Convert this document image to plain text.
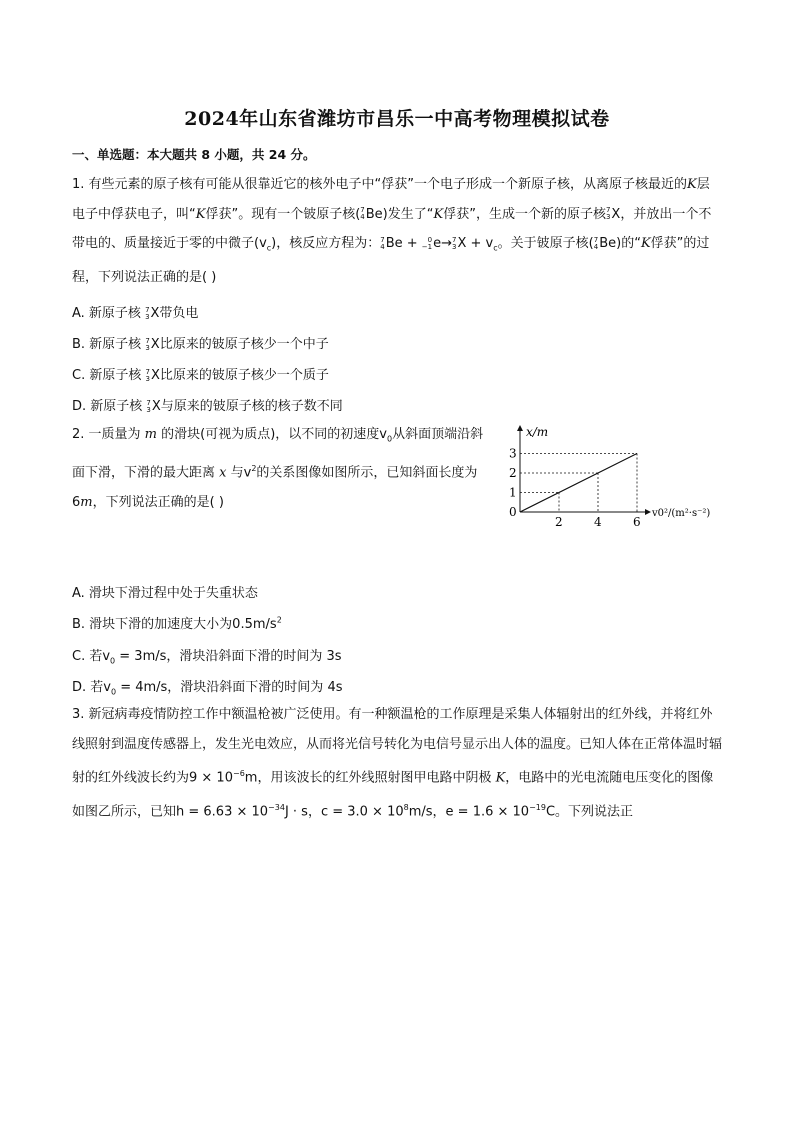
2024年山东省潍坊市昌乐一中高考物理模拟试卷
一、单选题：本大题共 8 小题，共 24 分。
1. 有些元素的原子核有可能从很靠近它的核外电子中“俘获”一个电子形成一个新原子核，从离原子核最近的K层电子中俘获电子，叫“K俘获”。现有一个铍原子核(7
4Be)发生了“K俘获”，生成一个新的原子核7
3X，并放出一个不带电的、质量接近于零的中微子$(v_c)$，核反应方程为：7
4Be + 0
−1e→7
$3X + v_c$。关于铍原子核(7
4Be)的“K俘获”的过程，下列说法正确的是( )
A. 新原子核 7
3X带负电
B. 新原子核 7
3X比原来的铍原子核少一个中子
C. 新原子核 7
3X比原来的铍原子核少一个质子
D. 新原子核 7
3X与原来的铍原子核的核子数不同
2. 一质量为 m 的滑块(可视为质点)，以不同的初速度$v_0$从斜面顶端沿斜面下滑，下滑的最大距离 x 与$v^2$的关系图像如图所示，已知斜面长度为 6m，下列说法正确的是( )
2	4	6
1
2
3
x/m
v0²/(m²·s⁻²)
0
A. 滑块下滑过程中处于失重状态
B. 滑块下滑的加速度大小为$0.5m/s^2$
C. 若$v_0 = 3m/s$，滑块沿斜面下滑的时间为 3s
D. 若$v_0 = 4m/s$，滑块沿斜面下滑的时间为 4s
3. 新冠病毒疫情防控工作中额温枪被广泛使用。有一种额温枪的工作原理是采集人体辐射出的红外线，并将红外线照射到温度传感器上，发生光电效应，从而将光信号转化为电信号显示出人体的温度。已知人体在正常体温时辐射的红外线波长约为$9 \times 10^{-6}m$，用该波长的红外线照射图甲电路中阴极 K，电路中的光电流随电压变化的图像如图乙所示，已知$h = 6.63 \times 10^{-34}J \cdot s$，$c = 3.0 \times 10^8m/s$，$e = 1.6 \times 10^{-19}C$。下列说法正
